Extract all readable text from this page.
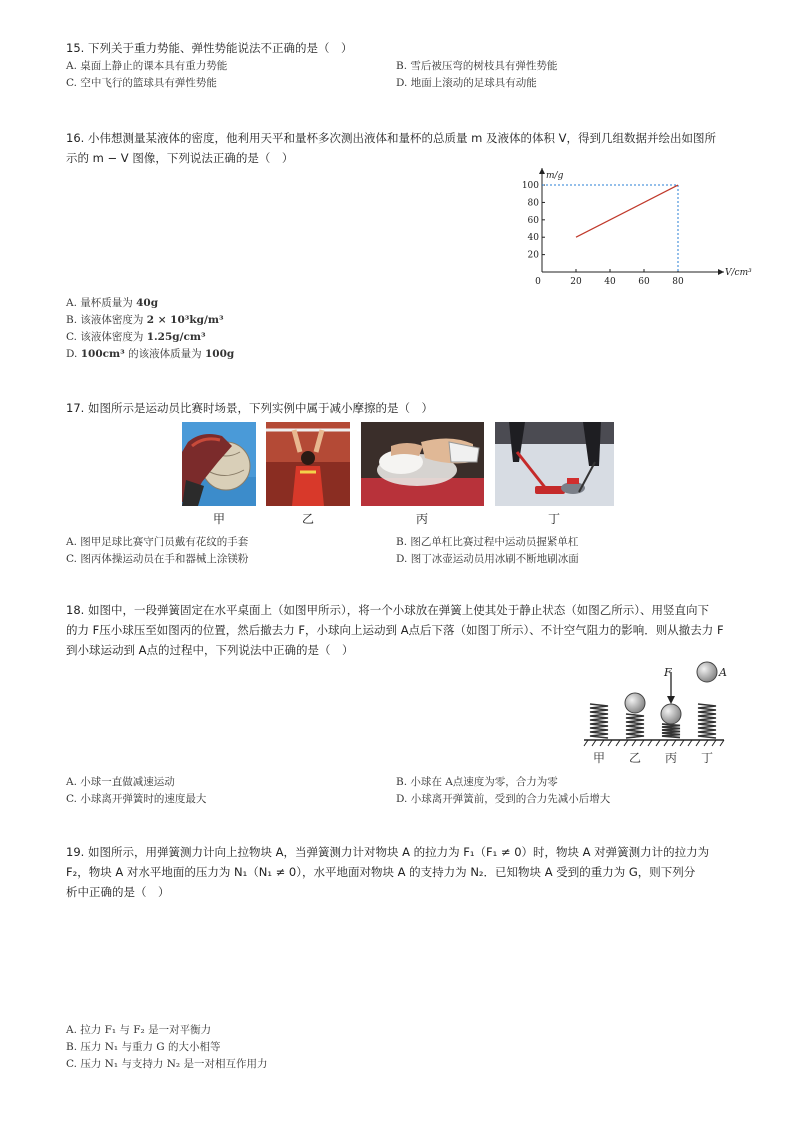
15. 下列关于重力势能、弹性势能说法不正确的是（　）
A. 桌面上静止的课本具有重力势能	B. 雪后被压弯的树枝具有弹性势能
C. 空中飞行的篮球具有弹性势能	D. 地面上滚动的足球具有动能
16. 小伟想测量某液体的密度，他利用天平和量杯多次测出液体和量杯的总质量 m 及液体的体积 V，得到几组数据并绘出如图所
示的 m − V 图像，下列说法正确的是（　）
0	20	40	60	80
20
40
60
80
100
V/cm³
m/g
A. 量杯质量为 40g
B. 该液体密度为 2 × 10³kg/m³
C. 该液体密度为 1.25g/cm³
D. 100cm³ 的该液体质量为 100g
17. 如图所示是运动员比赛时场景，下列实例中属于减小摩擦的是（　）
甲	乙	丙	丁
A. 图甲足球比赛守门员戴有花纹的手套	B. 图乙单杠比赛过程中运动员握紧单杠
C. 图丙体操运动员在手和器械上涂镁粉	D. 图丁冰壶运动员用冰刷不断地刷冰面
18. 如图中，一段弹簧固定在水平桌面上（如图甲所示），将一个小球放在弹簧上使其处于静止状态（如图乙所示）、用竖直向下
的力 F压小球压至如图丙的位置，然后撤去力 F，小球向上运动到 A点后下落（如图丁所示）、不计空气阻力的影响．则从撤去力 F
到小球运动到 A点的过程中，下列说法中正确的是（　）
F	A
甲 乙 丙 丁
A. 小球一直做减速运动	B. 小球在 A点速度为零，合力为零
C. 小球离开弹簧时的速度最大	D. 小球离开弹簧前，受到的合力先减小后增大
19. 如图所示，用弹簧测力计向上拉物块 A，当弹簧测力计对物块 A 的拉力为 F₁（F₁ ≠ 0）时，物块 A 对弹簧测力计的拉力为
F₂，物块 A 对水平地面的压力为 N₁（N₁ ≠ 0），水平地面对物块 A 的支持力为 N₂．已知物块 A 受到的重力为 G，则下列分
析中正确的是（　）
A. 拉力 F₁ 与 F₂ 是一对平衡力
B. 压力 N₁ 与重力 G 的大小相等
C. 压力 N₁ 与支持力 N₂ 是一对相互作用力
